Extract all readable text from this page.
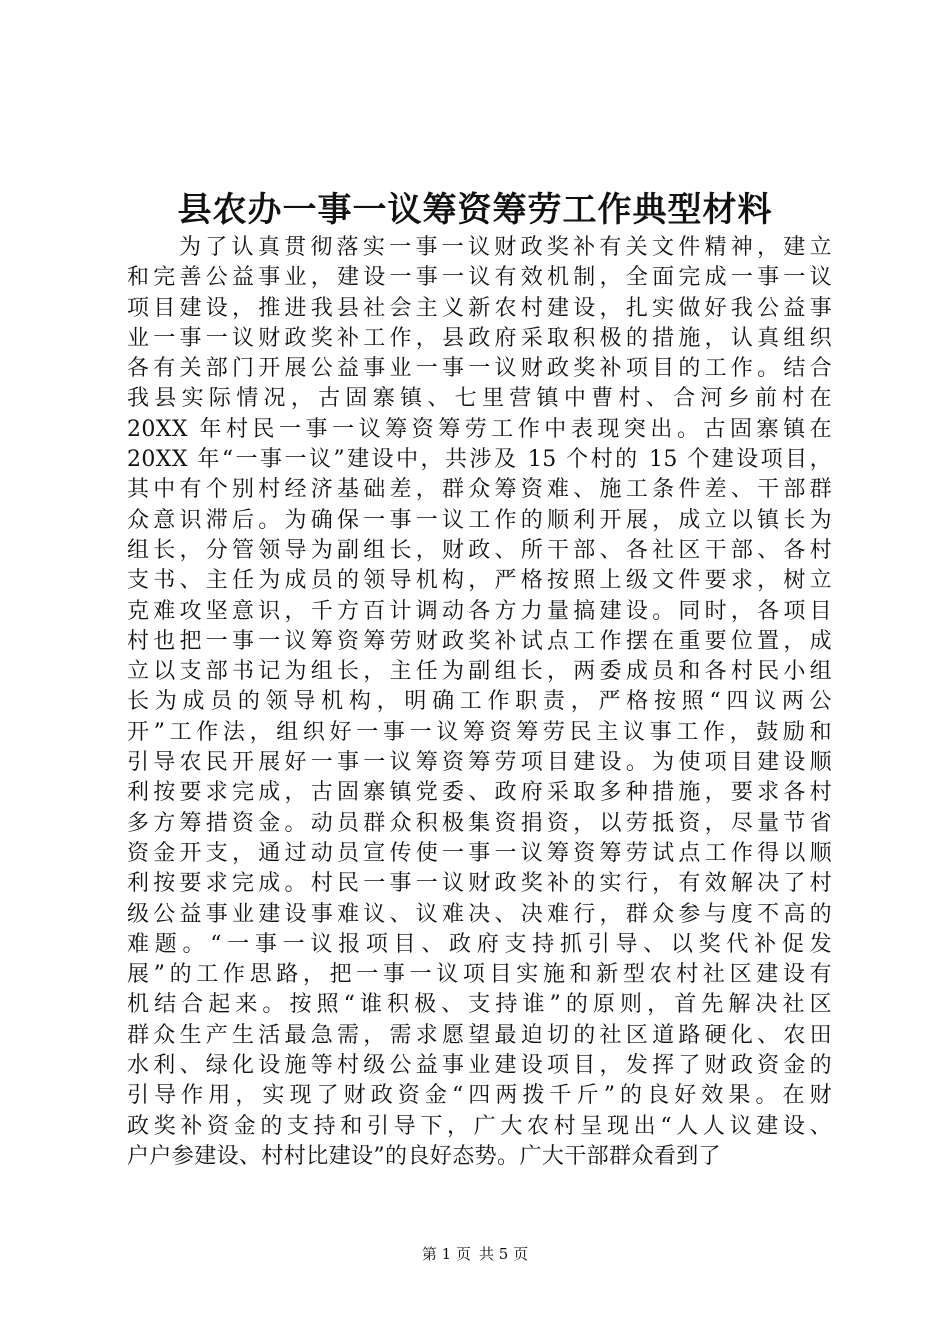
县农办一事一议筹资筹劳工作典型材料
为了认真贯彻落实一事一议财政奖补有关文件精神，建立
和完善公益事业，建设一事一议有效机制，全面完成一事一议
项目建设，推进我县社会主义新农村建设，扎实做好我公益事
业一事一议财政奖补工作，县政府采取积极的措施，认真组织
各有关部门开展公益事业一事一议财政奖补项目的工作。结合
我县实际情况，古固寨镇、七里营镇中曹村、合河乡前村在
20XX 年村民一事一议筹资筹劳工作中表现突出。古固寨镇在
20XX 年“一事一议”建设中，共涉及 15 个村的 15 个建设项目，
其中有个别村经济基础差，群众筹资难、施工条件差、干部群
众意识滞后。为确保一事一议工作的顺利开展，成立以镇长为
组长，分管领导为副组长，财政、所干部、各社区干部、各村
支书、主任为成员的领导机构，严格按照上级文件要求，树立
克难攻坚意识，千方百计调动各方力量搞建设。同时，各项目
村也把一事一议筹资筹劳财政奖补试点工作摆在重要位置，成
立以支部书记为组长，主任为副组长，两委成员和各村民小组
长为成员的领导机构，明确工作职责，严格按照“四议两公
开”工作法，组织好一事一议筹资筹劳民主议事工作，鼓励和
引导农民开展好一事一议筹资筹劳项目建设。为使项目建设顺
利按要求完成，古固寨镇党委、政府采取多种措施，要求各村
多方筹措资金。动员群众积极集资捐资，以劳抵资，尽量节省
资金开支，通过动员宣传使一事一议筹资筹劳试点工作得以顺
利按要求完成。村民一事一议财政奖补的实行，有效解决了村
级公益事业建设事难议、议难决、决难行，群众参与度不高的
难题。“一事一议报项目、政府支持抓引导、以奖代补促发
展”的工作思路，把一事一议项目实施和新型农村社区建设有
机结合起来。按照“谁积极、支持谁”的原则，首先解决社区
群众生产生活最急需，需求愿望最迫切的社区道路硬化、农田
水利、绿化设施等村级公益事业建设项目，发挥了财政资金的
引导作用，实现了财政资金“四两拨千斤”的良好效果。在财
政奖补资金的支持和引导下，广大农村呈现出“人人议建设、
户户参建设、村村比建设”的良好态势。广大干部群众看到了
第 1 页 共 5 页
